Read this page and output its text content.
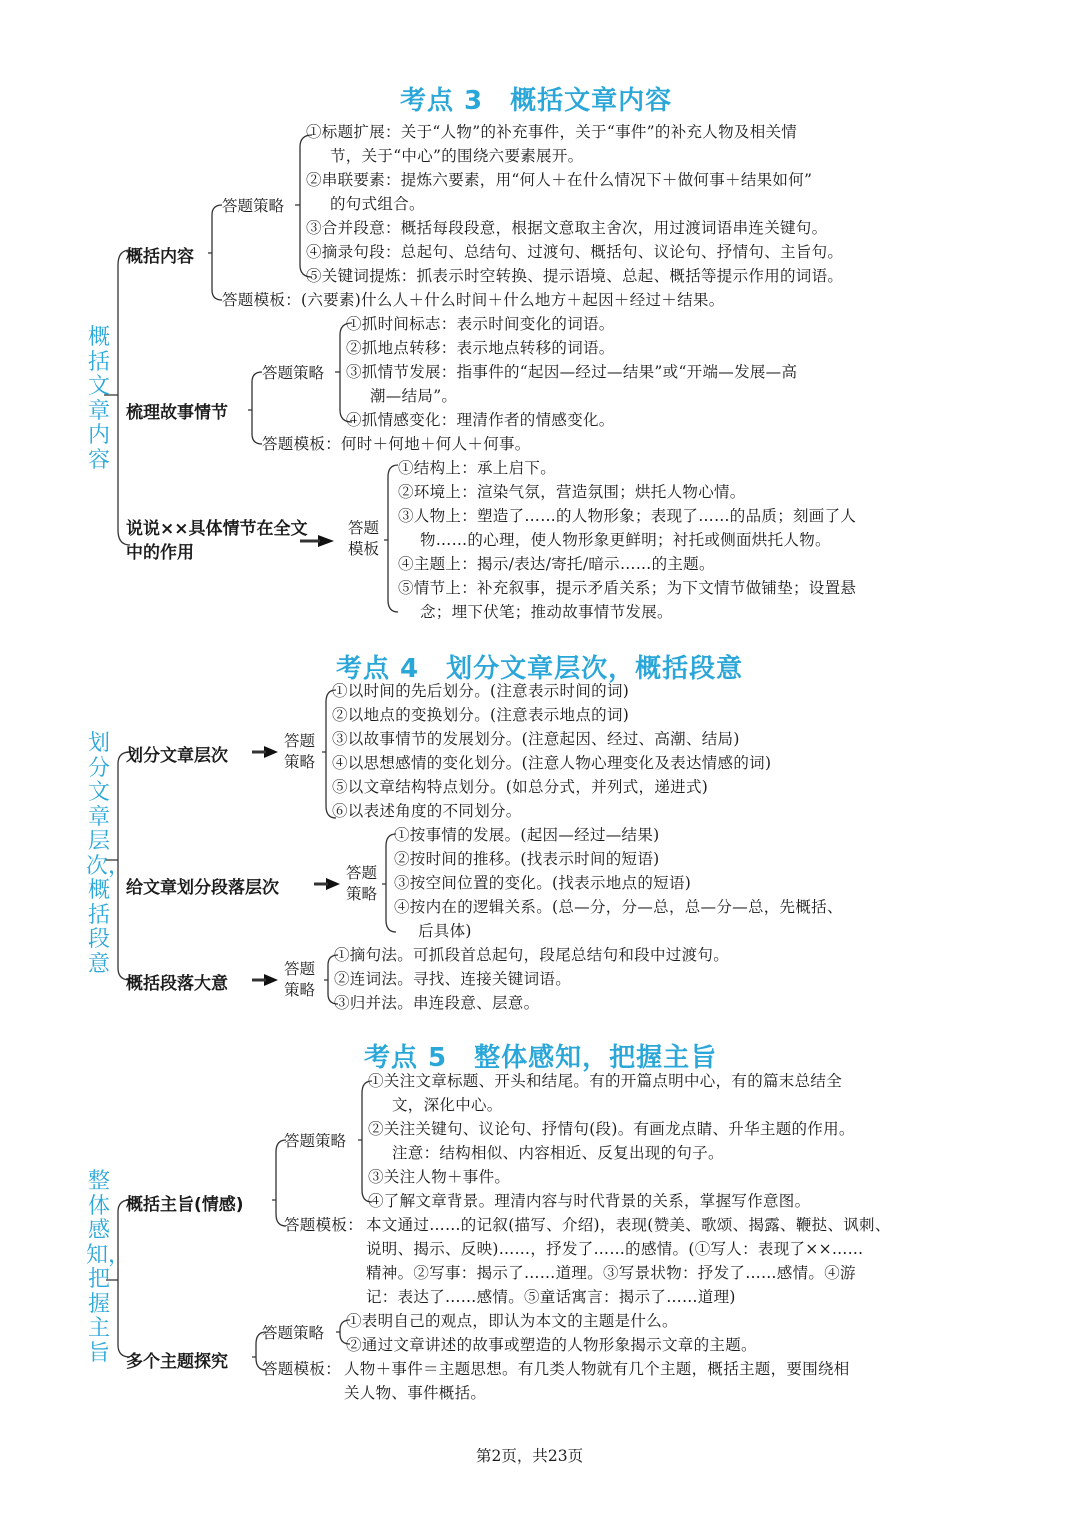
考点 3　概括文章内容
概括文章内容
概括内容
答题策略
①标题扩展：关于“人物”的补充事件，关于“事件”的补充人物及相关情
节，关于“中心”的围绕六要素展开。
②串联要素：提炼六要素，用“何人＋在什么情况下＋做何事＋结果如何”
的句式组合。
③合并段意：概括每段段意，根据文意取主舍次，用过渡词语串连关键句。
④摘录句段：总起句、总结句、过渡句、概括句、议论句、抒情句、主旨句。
⑤关键词提炼：抓表示时空转换、提示语境、总起、概括等提示作用的词语。
答题模板：(六要素)什么人＋什么时间＋什么地方＋起因＋经过＋结果。
梳理故事情节
答题策略
①抓时间标志：表示时间变化的词语。
②抓地点转移：表示地点转移的词语。
③抓情节发展：指事件的“起因—经过—结果”或“开端—发展—高
潮—结局”。
④抓情感变化：理清作者的情感变化。
答题模板：何时＋何地＋何人＋何事。
说说××具体情节在全文中的作用
答题模板
①结构上：承上启下。
②环境上：渲染气氛，营造氛围；烘托人物心情。
③人物上：塑造了……的人物形象；表现了……的品质；刻画了人
物……的心理，使人物形象更鲜明；衬托或侧面烘托人物。
④主题上：揭示/表达/寄托/暗示……的主题。
⑤情节上：补充叙事，提示矛盾关系；为下文情节做铺垫；设置悬
念；埋下伏笔；推动故事情节发展。
考点 4　划分文章层次，概括段意
划分文章层次，概括段意
划分文章层次
答题策略
①以时间的先后划分。(注意表示时间的词)
②以地点的变换划分。(注意表示地点的词)
③以故事情节的发展划分。(注意起因、经过、高潮、结局)
④以思想感情的变化划分。(注意人物心理变化及表达情感的词)
⑤以文章结构特点划分。(如总分式，并列式，递进式)
⑥以表述角度的不同划分。
给文章划分段落层次
答题策略
①按事情的发展。(起因—经过—结果)
②按时间的推移。(找表示时间的短语)
③按空间位置的变化。(找表示地点的短语)
④按内在的逻辑关系。(总—分，分—总，总—分—总，先概括、
后具体)
概括段落大意
答题策略
①摘句法。可抓段首总起句，段尾总结句和段中过渡句。
②连词法。寻找、连接关键词语。
③归并法。串连段意、层意。
考点 5　整体感知，把握主旨
整体感知，把握主旨
概括主旨(情感)
答题策略
①关注文章标题、开头和结尾。有的开篇点明中心，有的篇末总结全
文，深化中心。
②关注关键句、议论句、抒情句(段)。有画龙点睛、升华主题的作用。
注意：结构相似、内容相近、反复出现的句子。
③关注人物＋事件。
④了解文章背景。理清内容与时代背景的关系，掌握写作意图。
答题模板： 本文通过……的记叙(描写、介绍)，表现(赞美、歌颂、揭露、鞭挞、讽刺、
说明、揭示、反映)……，抒发了……的感情。(①写人：表现了××……
精神。②写事：揭示了……道理。③写景状物：抒发了……感情。④游
记：表达了……感情。⑤童话寓言：揭示了……道理)
多个主题探究
答题策略
①表明自己的观点，即认为本文的主题是什么。
②通过文章讲述的故事或塑造的人物形象揭示文章的主题。
答题模板： 人物＋事件＝主题思想。有几类人物就有几个主题，概括主题，要围绕相
关人物、事件概括。
第2页，共23页
